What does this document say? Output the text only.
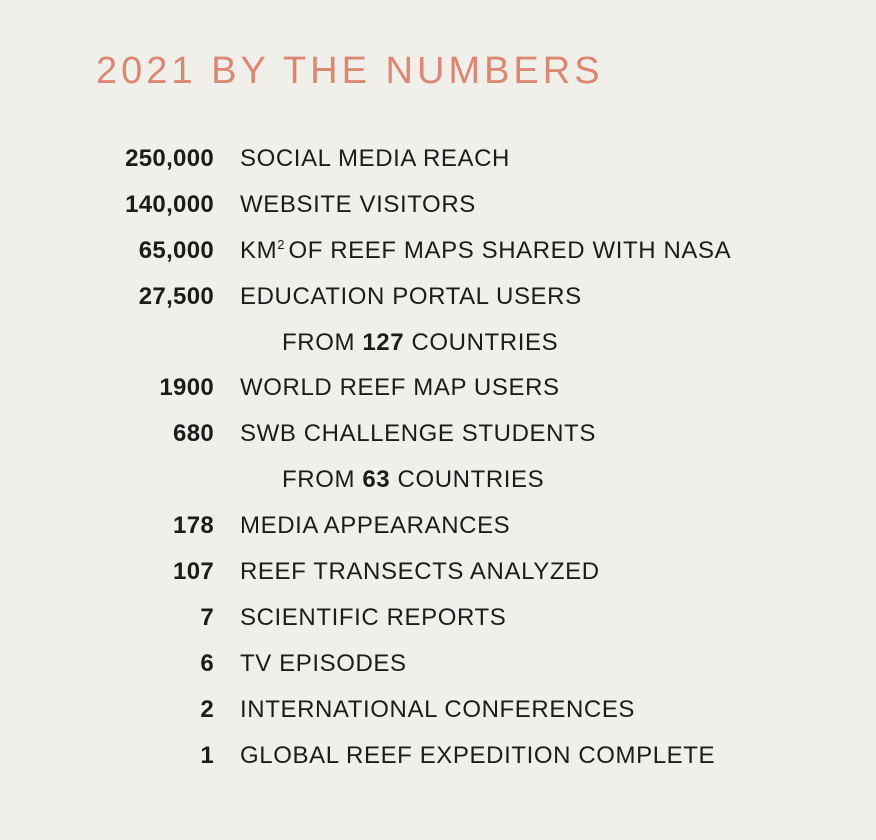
2021 BY THE NUMBERS
250,000 SOCIAL MEDIA REACH
140,000 WEBSITE VISITORS
65,000 $KM^2$ OF REEF MAPS SHARED WITH NASA
27,500 EDUCATION PORTAL USERS
FROM 127 COUNTRIES
1900 WORLD REEF MAP USERS
680 SWB CHALLENGE STUDENTS
FROM 63 COUNTRIES
178 MEDIA APPEARANCES
107 REEF TRANSECTS ANALYZED
7 SCIENTIFIC REPORTS
6 TV EPISODES
2 INTERNATIONAL CONFERENCES
1 GLOBAL REEF EXPEDITION COMPLETE
